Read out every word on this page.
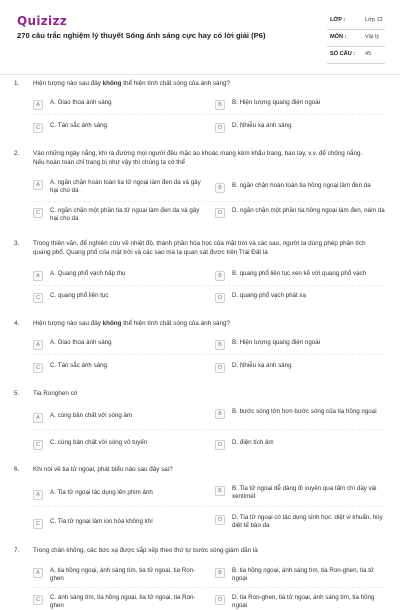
Quizizz
270 câu trắc nghiệm lý thuyết Sóng ánh sáng cực hay có lời giải (P6)
LỚP :	Lớp 12
MÔN :	Vật lý
SỐ CÂU : 45
1. Hiện tượng nào sau đây không thể hiện tính chất sóng của ánh sáng?
A	A. Giao thoa ánh sáng	B	B. Hiện tượng quang điện ngoài
C	C. Tán sắc ánh sáng	D	D. Nhiễu xạ ánh sáng
2. Vào những ngày nắng, khi ra đường mọi người đều mặc áo khoác mang kèm khẩu trang, bao tay, v.v. để chống nắng. Nếu hoàn toàn chỉ trang bị như vậy thì chúng ta có thể
A	A. ngăn chặn hoàn toàn tia tử ngoại làm đen da và gây hại cho da	B	B. ngăn chặn hoàn toàn tia hồng ngoại làm đen da
C	C. ngăn chặn một phần tia tử ngoại làm đen da và gây hại cho da
D	D. ngăn chặn một phần tia hồng ngoại làm đen, nám da
3. Trong thiên văn, để nghiên cứu về nhiệt độ, thành phần hóa học của mặt trời và các sao, người ta dùng phép phân tích quang phổ. Quang phổ của mặt trời và các sao mà ta quan sát được trên Trái Đất là
A	A. Quang phổ vạch hấp thụ	B	B. quang phổ liên tục xen kẽ với quang phổ vạch
C	C. quang phổ liên tục	D	D. quang phổ vạch phát xạ
4. Hiện tượng nào sau đây không thể hiện tính chất sóng của ánh sáng?
A	A. Giao thoa ánh sáng	B	B. Hiện tượng quang điện ngoài
C	C. Tán sắc ánh sáng	D	D. Nhiễu xạ ánh sáng
5. Tia Ronghen có
A	A. cùng bản chất với sóng âm	B	B. bước sóng lớn hơn bước sóng của tia hồng ngoại
C	C. cùng bản chất với sóng vô tuyến	D	D. điện tích âm
6. Khi nói về tia tử ngoại, phát biểu nào sau đây sai?
A	A. Tia tử ngoại tác dụng lên phim ảnh	B	B. Tia tử ngoại dễ dàng đi xuyên qua tấm chì dày vài xentimét
C	C. Tia tử ngoại làm ion hóa không khí	D	D. Tia tử ngoại có tác dụng sinh học: diệt vi khuẩn, hủy diệt tế bào da
7. Trong chân không, các bức xạ được sắp xếp theo thứ tự bước sóng giảm dần là
A	A. tia hồng ngoại, ánh sáng tím, tia tử ngoại, tia Ron-ghen
B	B. tia hồng ngoại, ánh sáng tím, tia Ron-ghen, tia tử ngoại
C	C. ánh sáng tím, tia hồng ngoại, tia tử ngoại, tia Ron-ghen
D	D. tia Ron-ghen, tia tử ngoại, ánh sáng tím, tia hồng ngoại
